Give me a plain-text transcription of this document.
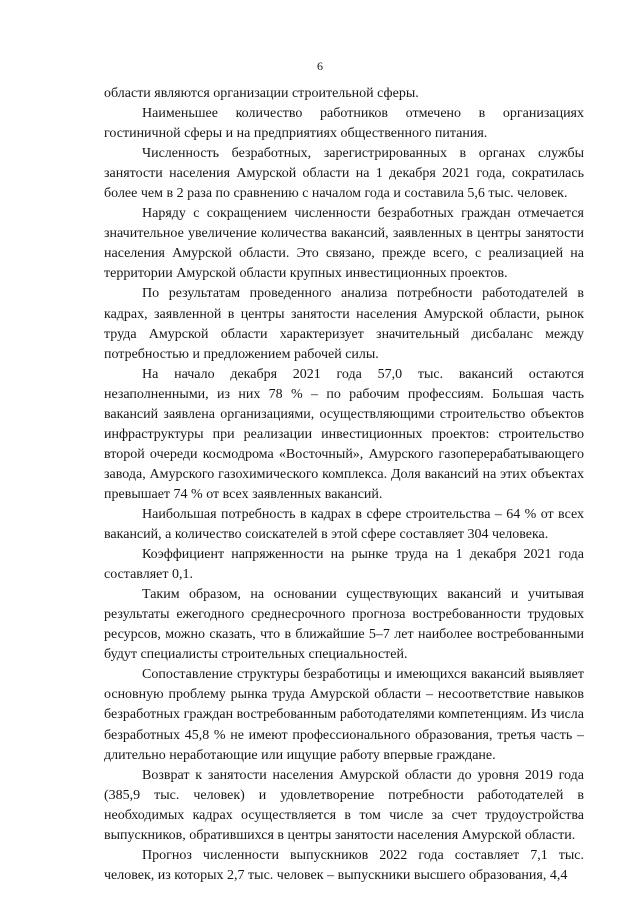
6

области являются организации строительной сферы.

Наименьшее количество работников отмечено в организациях гостиничной сферы и на предприятиях общественного питания.

Численность безработных, зарегистрированных в органах службы занятости населения Амурской области на 1 декабря 2021 года, сократилась более чем в 2 раза по сравнению с началом года и составила 5,6 тыс. человек.

Наряду с сокращением численности безработных граждан отмечается значительное увеличение количества вакансий, заявленных в центры занятости населения Амурской области. Это связано, прежде всего, с реализацией на территории Амурской области крупных инвестиционных проектов.

По результатам проведенного анализа потребности работодателей в кадрах, заявленной в центры занятости населения Амурской области, рынок труда Амурской области характеризует значительный дисбаланс между потребностью и предложением рабочей силы.

На начало декабря 2021 года 57,0 тыс. вакансий остаются незаполненными, из них 78 % – по рабочим профессиям. Большая часть вакансий заявлена организациями, осуществляющими строительство объектов инфраструктуры при реализации инвестиционных проектов: строительство второй очереди космодрома «Восточный», Амурского газоперерабатывающего завода, Амурского газохимического комплекса. Доля вакансий на этих объектах превышает 74 % от всех заявленных вакансий.

Наибольшая потребность в кадрах в сфере строительства – 64 % от всех вакансий, а количество соискателей в этой сфере составляет 304 человека.

Коэффициент напряженности на рынке труда на 1 декабря 2021 года составляет 0,1.

Таким образом, на основании существующих вакансий и учитывая результаты ежегодного среднесрочного прогноза востребованности трудовых ресурсов, можно сказать, что в ближайшие 5–7 лет наиболее востребованными будут специалисты строительных специальностей.

Сопоставление структуры безработицы и имеющихся вакансий выявляет основную проблему рынка труда Амурской области – несоответствие навыков безработных граждан востребованным работодателями компетенциям. Из числа безработных 45,8 % не имеют профессионального образования, третья часть – длительно неработающие или ищущие работу впервые граждане.

Возврат к занятости населения Амурской области до уровня 2019 года (385,9 тыс. человек) и удовлетворение потребности работодателей в необходимых кадрах осуществляется в том числе за счет трудоустройства выпускников, обратившихся в центры занятости населения Амурской области.

Прогноз численности выпускников 2022 года составляет 7,1 тыс. человек, из которых 2,7 тыс. человек – выпускники высшего образования, 4,4
